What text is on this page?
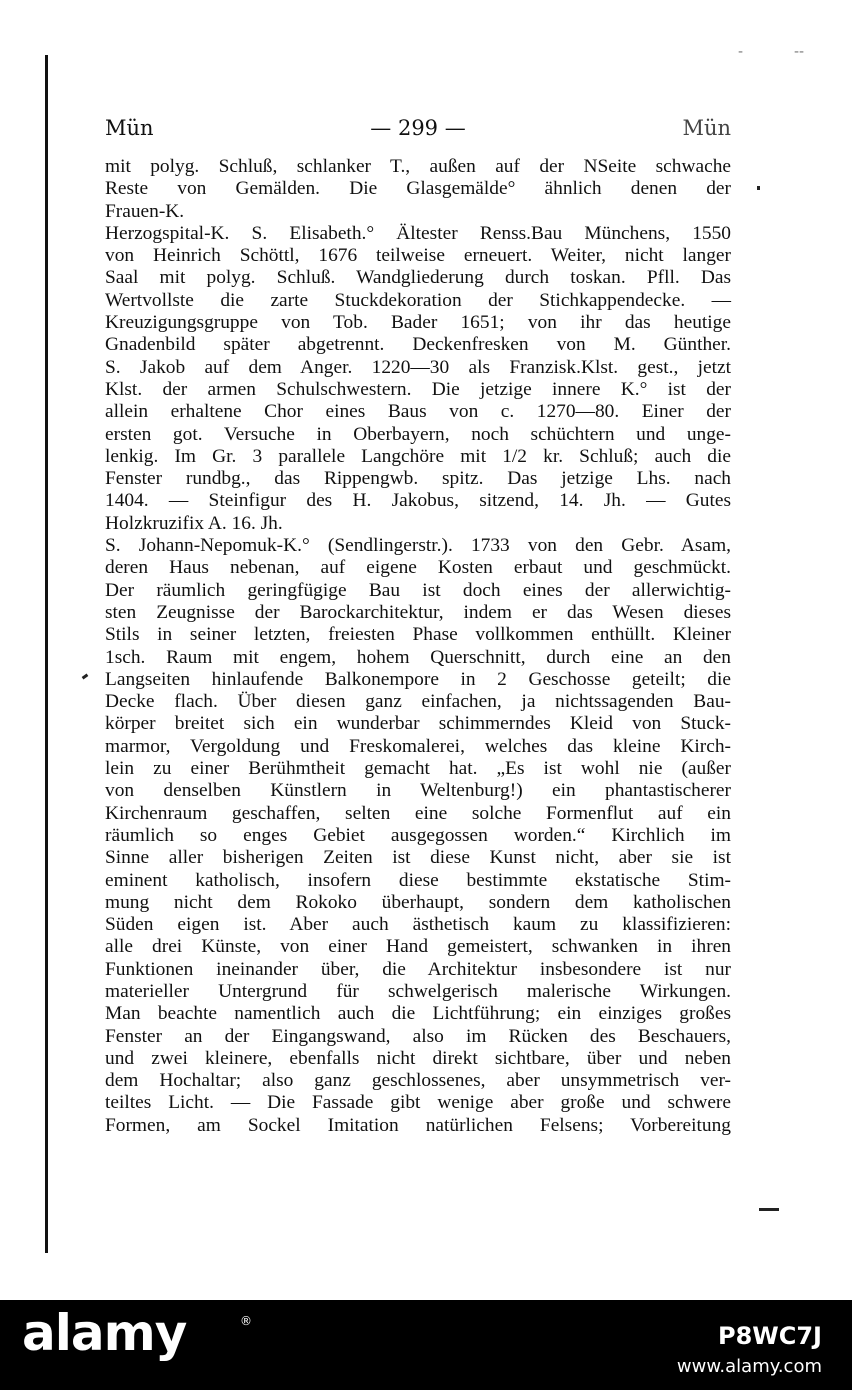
-	--
Mün	— 299 —	Mün
mit polyg. Schluß, schlanker T., außen auf der NSeite schwache
Reste von Gemälden. Die Glasgemälde° ähnlich denen der
Frauen-K.
Herzogspital-K. S. Elisabeth.° Ältester Renss.Bau Münchens, 1550
von Heinrich Schöttl, 1676 teilweise erneuert. Weiter, nicht langer
Saal mit polyg. Schluß. Wandgliederung durch toskan. Pfll. Das
Wertvollste die zarte Stuckdekoration der Stichkappendecke. —
Kreuzigungsgruppe von Tob. Bader 1651; von ihr das heutige
Gnadenbild später abgetrennt. Deckenfresken von M. Günther.
S. Jakob auf dem Anger. 1220—30 als Franzisk.Klst. gest., jetzt
Klst. der armen Schulschwestern. Die jetzige innere K.° ist der
allein erhaltene Chor eines Baus von c. 1270—80. Einer der
ersten got. Versuche in Oberbayern, noch schüchtern und unge-
lenkig. Im Gr. 3 parallele Langchöre mit 1/2 kr. Schluß; auch die
Fenster rundbg., das Rippengwb. spitz. Das jetzige Lhs. nach
1404. — Steinfigur des H. Jakobus, sitzend, 14. Jh. — Gutes
Holzkruzifix A. 16. Jh.
S. Johann-Nepomuk-K.° (Sendlingerstr.). 1733 von den Gebr. Asam,
deren Haus nebenan, auf eigene Kosten erbaut und geschmückt.
Der räumlich geringfügige Bau ist doch eines der allerwichtig-
sten Zeugnisse der Barockarchitektur, indem er das Wesen dieses
Stils in seiner letzten, freiesten Phase vollkommen enthüllt. Kleiner
1sch. Raum mit engem, hohem Querschnitt, durch eine an den
Langseiten hinlaufende Balkonempore in 2 Geschosse geteilt; die
Decke flach. Über diesen ganz einfachen, ja nichtssagenden Bau-
körper breitet sich ein wunderbar schimmerndes Kleid von Stuck-
marmor, Vergoldung und Freskomalerei, welches das kleine Kirch-
lein zu einer Berühmtheit gemacht hat. „Es ist wohl nie (außer
von denselben Künstlern in Weltenburg!) ein phantastischerer
Kirchenraum geschaffen, selten eine solche Formenflut auf ein
räumlich so enges Gebiet ausgegossen worden.“ Kirchlich im
Sinne aller bisherigen Zeiten ist diese Kunst nicht, aber sie ist
eminent katholisch, insofern diese bestimmte ekstatische Stim-
mung nicht dem Rokoko überhaupt, sondern dem katholischen
Süden eigen ist. Aber auch ästhetisch kaum zu klassifizieren:
alle drei Künste, von einer Hand gemeistert, schwanken in ihren
Funktionen ineinander über, die Architektur insbesondere ist nur
materieller Untergrund für schwelgerisch malerische Wirkungen.
Man beachte namentlich auch die Lichtführung; ein einziges großes
Fenster an der Eingangswand, also im Rücken des Beschauers,
und zwei kleinere, ebenfalls nicht direkt sichtbare, über und neben
dem Hochaltar; also ganz geschlossenes, aber unsymmetrisch ver-
teiltes Licht. — Die Fassade gibt wenige aber große und schwere
Formen, am Sockel Imitation natürlichen Felsens; Vorbereitung
alamy	®
P8WC7J
www.alamy.com
